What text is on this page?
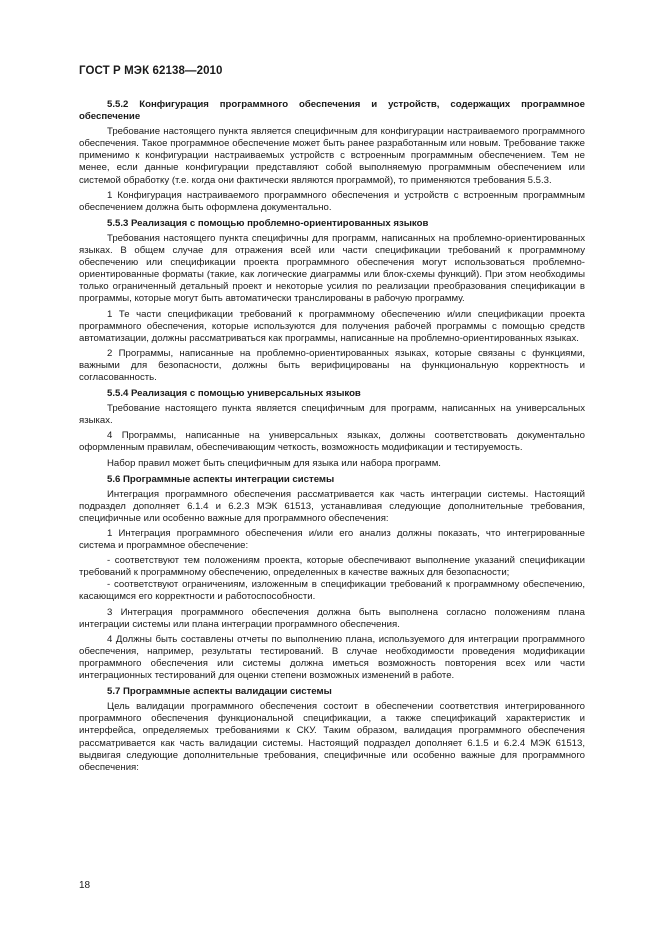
ГОСТ Р МЭК 62138—2010
5.5.2 Конфигурация программного обеспечения и устройств, содержащих программное обеспечение

Требование настоящего пункта является специфичным для конфигурации настраиваемого программного обеспечения. Такое программное обеспечение может быть ранее разработанным или новым. Требование также применимо к конфигурации настраиваемых устройств с встроенным программным обеспечением. Тем не менее, если данные конфигурации представляют собой выполняемую программным обеспечением или системой обработку (т.е. когда они фактически являются программой), то применяются требования 5.5.3.

1 Конфигурация настраиваемого программного обеспечения и устройств с встроенным программным обеспечением должна быть оформлена документально.

5.5.3 Реализация с помощью проблемно-ориентированных языков

Требования настоящего пункта специфичны для программ, написанных на проблемно-ориентированных языках. В общем случае для отражения всей или части спецификации требований к программному обеспечению или спецификации проекта программного обеспечения могут использоваться проблемно-ориентированные форматы (такие, как логические диаграммы или блок-схемы функций). При этом необходимы только ограниченный детальный проект и некоторые усилия по реализации преобразования спецификации в программы, которые могут быть автоматически транслированы в рабочую программу.

1 Те части спецификации требований к программному обеспечению и/или спецификации проекта программного обеспечения, которые используются для получения рабочей программы с помощью средств автоматизации, должны рассматриваться как программы, написанные на проблемно-ориентированных языках.

2 Программы, написанные на проблемно-ориентированных языках, которые связаны с функциями, важными для безопасности, должны быть верифицированы на функциональную корректность и согласованность.

5.5.4 Реализация с помощью универсальных языков

Требование настоящего пункта является специфичным для программ, написанных на универсальных языках.

4 Программы, написанные на универсальных языках, должны соответствовать документально оформленным правилам, обеспечивающим четкость, возможность модификации и тестируемость.

Набор правил может быть специфичным для языка или набора программ.

5.6 Программные аспекты интеграции системы

Интеграция программного обеспечения рассматривается как часть интеграции системы. Настоящий подраздел дополняет 6.1.4 и 6.2.3 МЭК 61513, устанавливая следующие дополнительные требования, специфичные или особенно важные для программного обеспечения:

1 Интеграция программного обеспечения и/или его анализ должны показать, что интегрированные система и программное обеспечение:

- соответствуют тем положениям проекта, которые обеспечивают выполнение указаний спецификации требований к программному обеспечению, определенных в качестве важных для безопасности;

- соответствуют ограничениям, изложенным в спецификации требований к программному обеспечению, касающимся его корректности и работоспособности.

3 Интеграция программного обеспечения должна быть выполнена согласно положениям плана интеграции системы или плана интеграции программного обеспечения.

4 Должны быть составлены отчеты по выполнению плана, используемого для интеграции программного обеспечения, например, результаты тестирований. В случае необходимости проведения модификации программного обеспечения или системы должна иметься возможность повторения всех или части интеграционных тестирований для оценки степени возможных изменений в работе.

5.7 Программные аспекты валидации системы

Цель валидации программного обеспечения состоит в обеспечении соответствия интегрированного программного обеспечения функциональной спецификации, а также спецификаций характеристик и интерфейса, определяемых требованиями к СКУ. Таким образом, валидация программного обеспечения рассматривается как часть валидации системы. Настоящий подраздел дополняет 6.1.5 и 6.2.4 МЭК 61513, выдвигая следующие дополнительные требования, специфичные или особенно важные для программного обеспечения:

18
